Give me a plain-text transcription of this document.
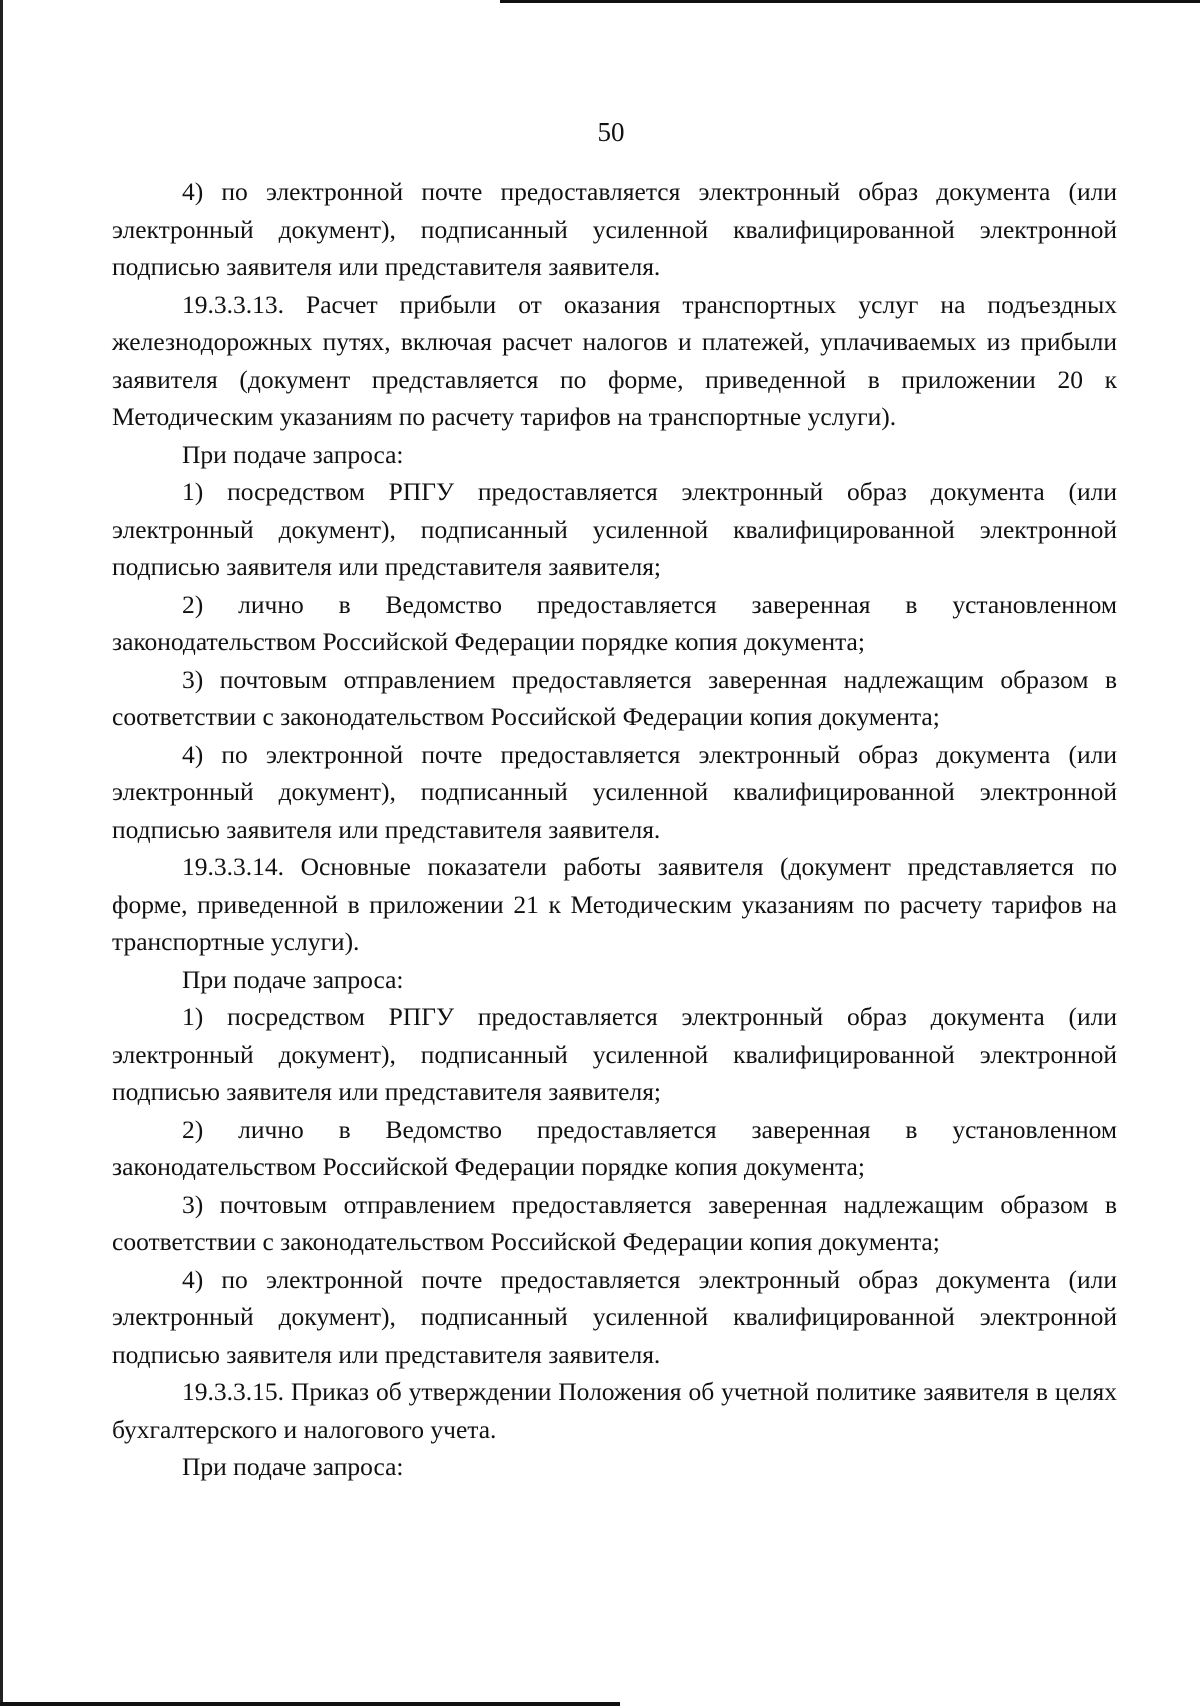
50

4) по электронной почте предоставляется электронный образ документа (или электронный документ), подписанный усиленной квалифицированной электронной подписью заявителя или представителя заявителя.

19.3.3.13. Расчет прибыли от оказания транспортных услуг на подъездных железнодорожных путях, включая расчет налогов и платежей, уплачиваемых из прибыли заявителя (документ представляется по форме, приведенной в приложении 20 к Методическим указаниям по расчету тарифов на транспортные услуги).

При подаче запроса:

1) посредством РПГУ предоставляется электронный образ документа (или электронный документ), подписанный усиленной квалифицированной электронной подписью заявителя или представителя заявителя;

2) лично в Ведомство предоставляется заверенная в установленном законодательством Российской Федерации порядке копия документа;

3) почтовым отправлением предоставляется заверенная надлежащим образом в соответствии с законодательством Российской Федерации копия документа;

4) по электронной почте предоставляется электронный образ документа (или электронный документ), подписанный усиленной квалифицированной электронной подписью заявителя или представителя заявителя.

19.3.3.14. Основные показатели работы заявителя (документ представляется по форме, приведенной в приложении 21 к Методическим указаниям по расчету тарифов на транспортные услуги).

При подаче запроса:

1) посредством РПГУ предоставляется электронный образ документа (или электронный документ), подписанный усиленной квалифицированной электронной подписью заявителя или представителя заявителя;

2) лично в Ведомство предоставляется заверенная в установленном законодательством Российской Федерации порядке копия документа;

3) почтовым отправлением предоставляется заверенная надлежащим образом в соответствии с законодательством Российской Федерации копия документа;

4) по электронной почте предоставляется электронный образ документа (или электронный документ), подписанный усиленной квалифицированной электронной подписью заявителя или представителя заявителя.

19.3.3.15. Приказ об утверждении Положения об учетной политике заявителя в целях бухгалтерского и налогового учета.

При подаче запроса:
